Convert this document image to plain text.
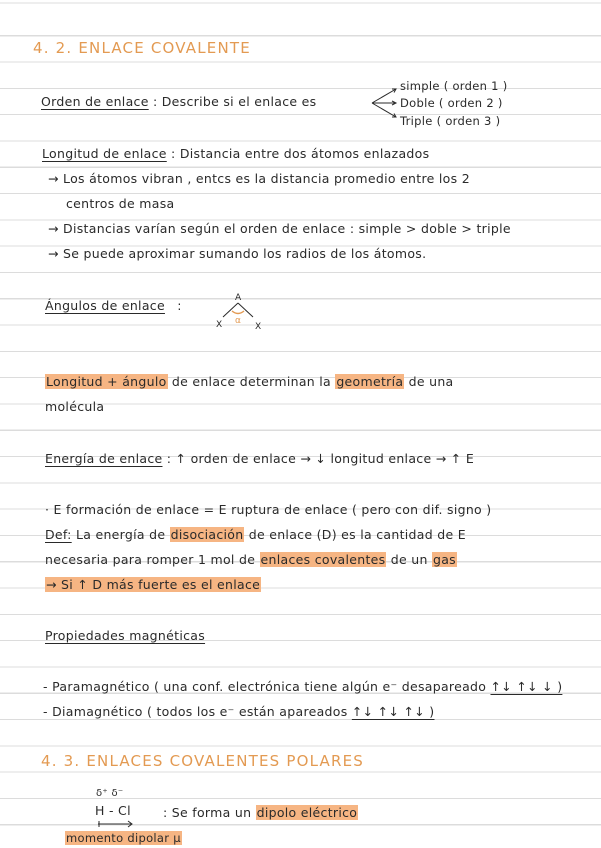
4. 2. ENLACE COVALENTE
Orden de enlace : Describe si el enlace es
simple ( orden 1 )
Doble ( orden 2 )
Triple ( orden 3 )
Longitud de enlace : Distancia entre dos átomos enlazados
→ Los átomos vibran , entcs es la distancia promedio entre los 2
centros de masa
→ Distancias varían según el orden de enlace : simple > doble > triple
→ Se puede aproximar sumando los radios de los átomos.
Ángulos de enlace :	A
α
X	X
Longitud + ángulo de enlace determinan la geometría de una
molécula
Energía de enlace : ↑ orden de enlace → ↓ longitud enlace → ↑ E
· E formación de enlace = E ruptura de enlace ( pero con dif. signo )
Def: La energía de disociación de enlace (D) es la cantidad de E
necesaria para romper 1 mol de enlaces covalentes de un gas
→ Si ↑ D más fuerte es el enlace
Propiedades magnéticas
- Paramagnético ( una conf. electrónica tiene algún e⁻ desapareado ↑↓ ↑↓ ↓ )
- Diamagnético ( todos los e⁻ están apareados ↑↓ ↑↓ ↑↓ )
4. 3. ENLACES COVALENTES POLARES
δ⁺ δ⁻
H - Cl	: Se forma un dipolo eléctrico
momento dipolar μ
